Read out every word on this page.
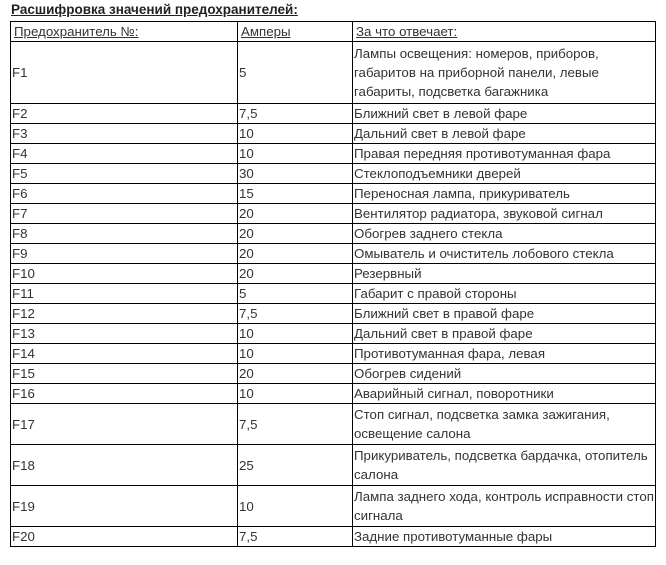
Расшифровка значений предохранителей:
Предохранитель №:	Амперы	За что отвечает:
F1	5	Лампы освещения: номеров, приборов, габаритов на приборной панели, левые габариты, подсветка багажника
F2	7,5	Ближний свет в левой фаре
F3	10	Дальний свет в левой фаре
F4	10	Правая передняя противотуманная фара
F5	30	Стеклоподъемники дверей
F6	15	Переносная лампа, прикуриватель
F7	20	Вентилятор радиатора, звуковой сигнал
F8	20	Обогрев заднего стекла
F9	20	Омыватель и очиститель лобового стекла
F10	20	Резервный
F11	5	Габарит с правой стороны
F12	7,5	Ближний свет в правой фаре
F13	10	Дальний свет в правой фаре
F14	10	Противотуманная фара, левая
F15	20	Обогрев сидений
F16	10	Аварийный сигнал, поворотники
F17	7,5	Стоп сигнал, подсветка замка зажигания, освещение салона
F18	25	Прикуриватель, подсветка бардачка, отопитель салона
F19	10	Лампа заднего хода, контроль исправности стоп сигнала
F20	7,5	Задние противотуманные фары
